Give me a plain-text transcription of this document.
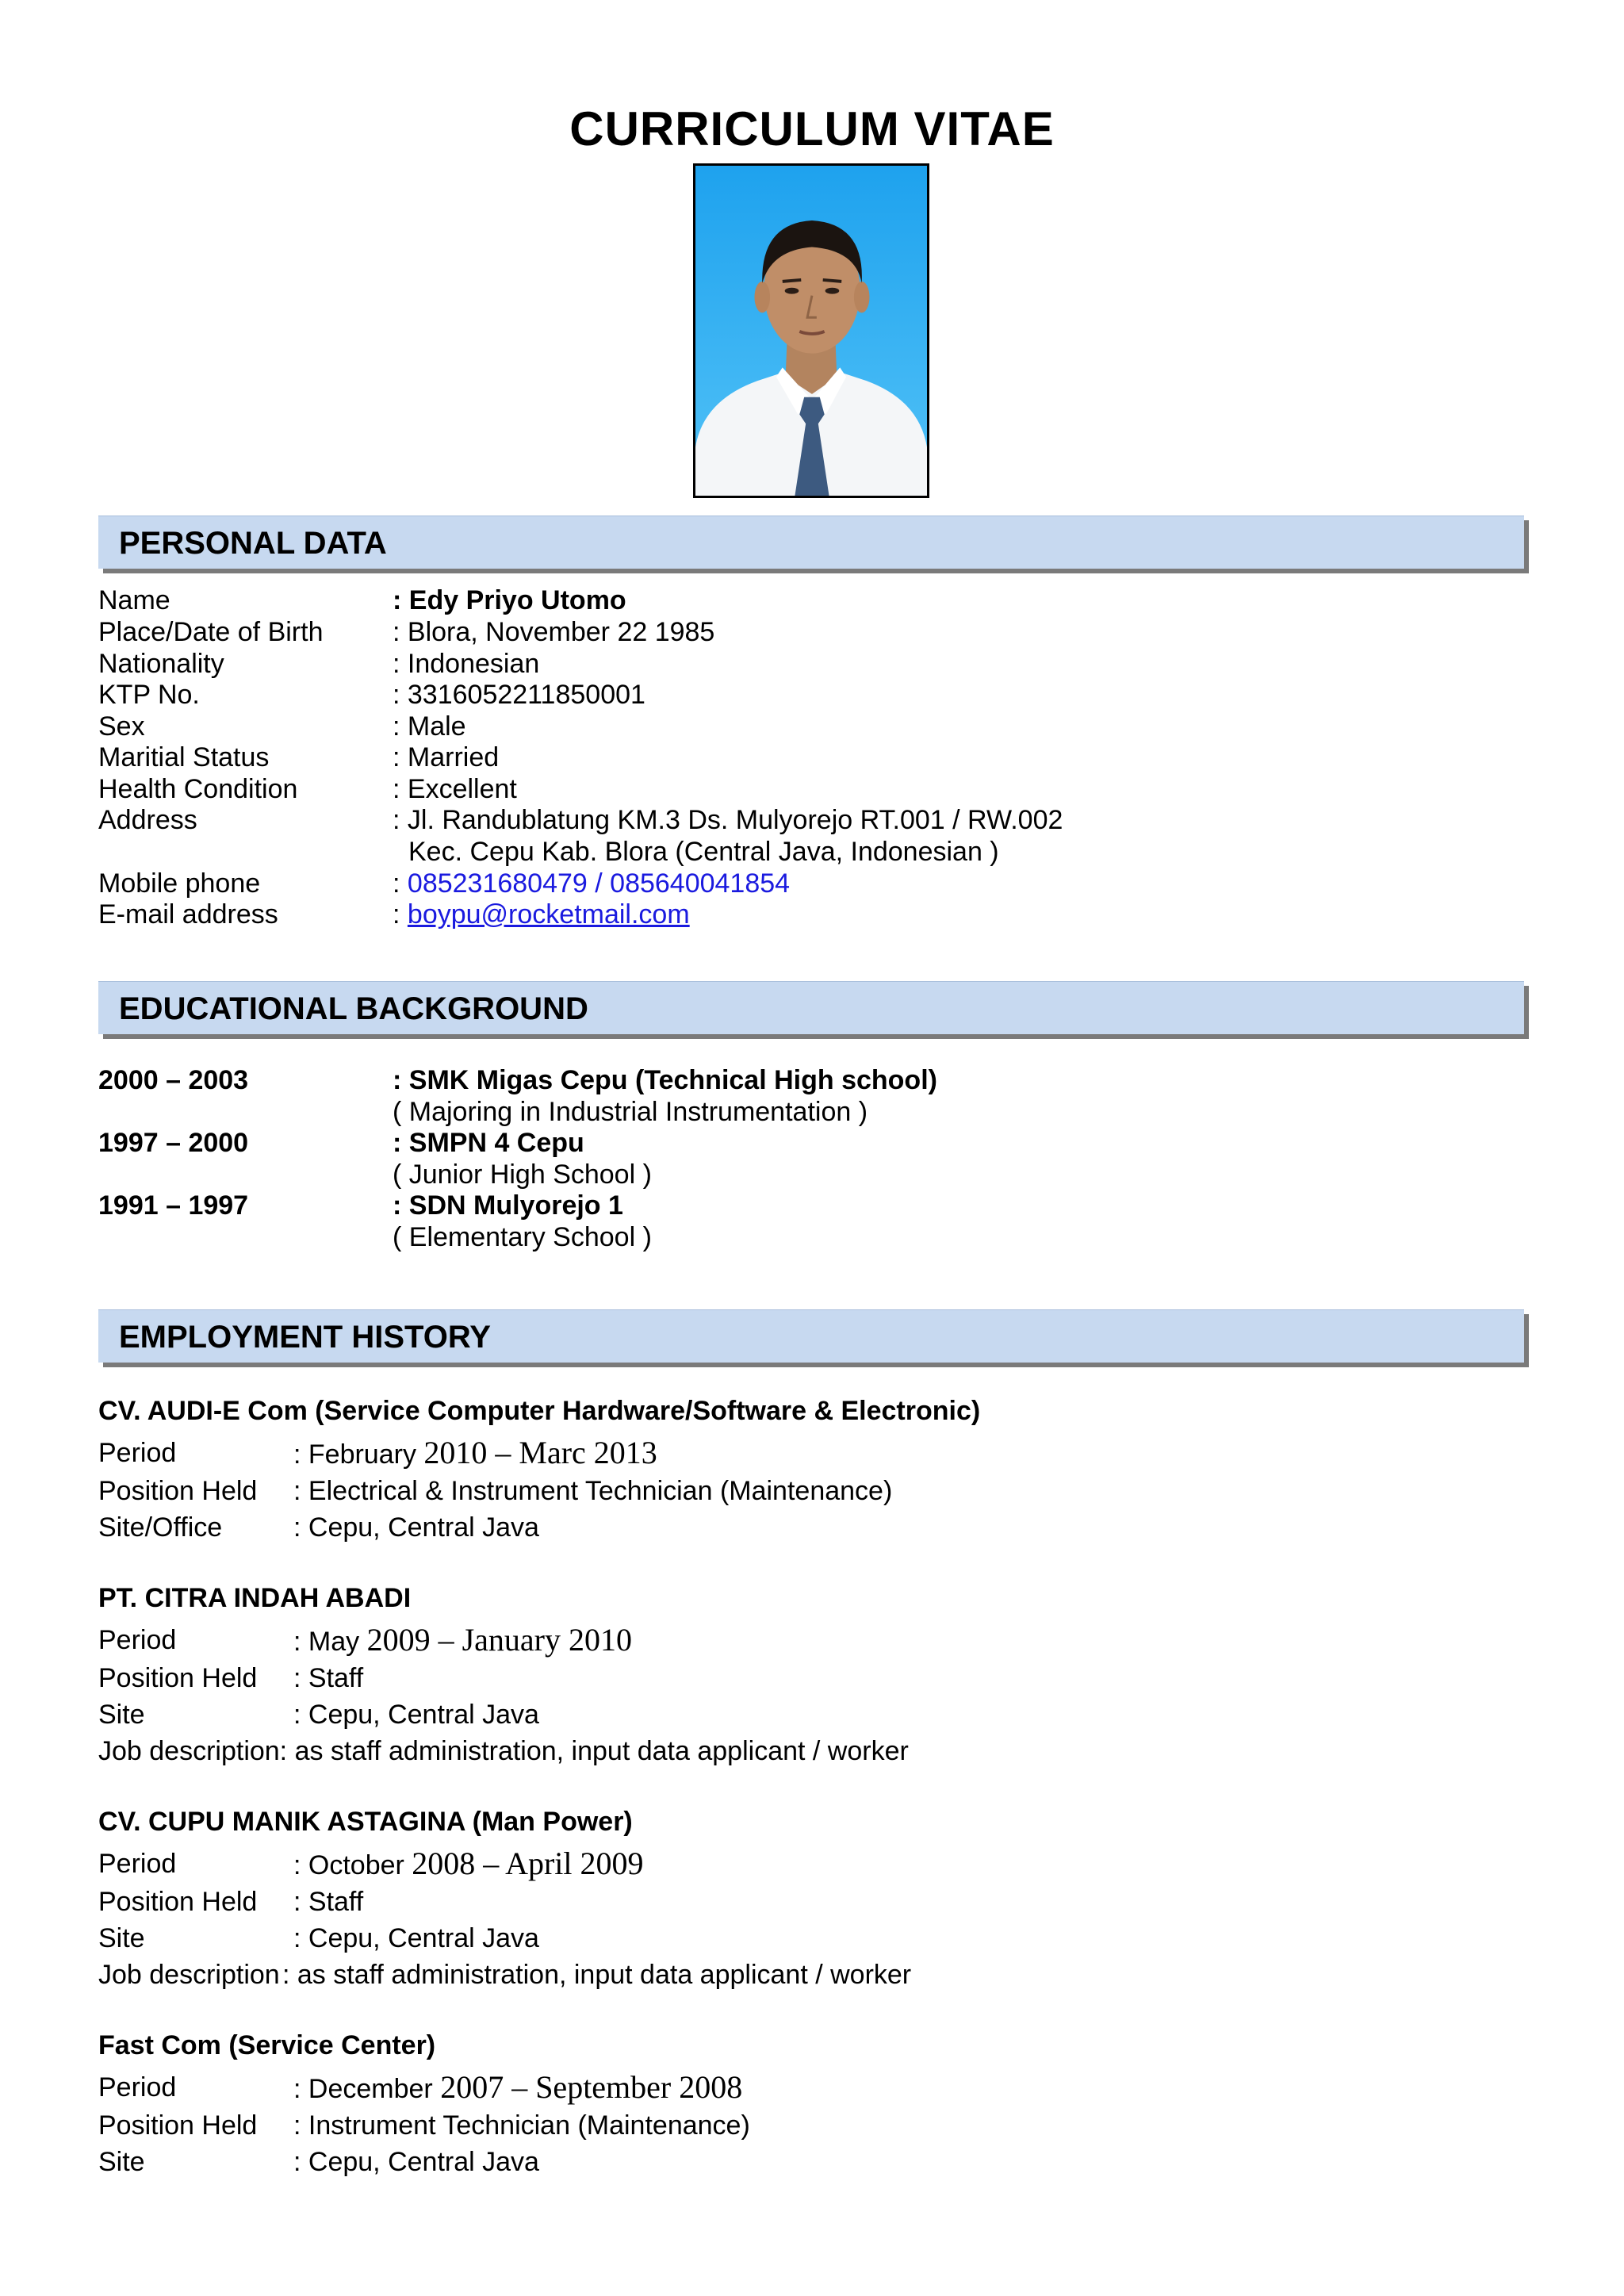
CURRICULUM VITAE
PERSONAL DATA
Name	: Edy Priyo Utomo
Place/Date of Birth	: Blora, November 22 1985
Nationality	: Indonesian
KTP No.	: 3316052211850001
Sex	: Male
Maritial Status	: Married
Health Condition	: Excellent
Address	: Jl. Randublatung KM.3 Ds. Mulyorejo RT.001 / RW.002
Kec. Cepu Kab. Blora (Central Java, Indonesian )
Mobile phone	: 085231680479 / 085640041854
E-mail address	: boypu@rocketmail.com
EDUCATIONAL BACKGROUND
2000 – 2003	: SMK Migas Cepu (Technical High school)
( Majoring in Industrial Instrumentation )
1997 – 2000	: SMPN 4 Cepu
( Junior High School )
1991 – 1997	: SDN Mulyorejo 1
( Elementary School )
EMPLOYMENT HISTORY
CV. AUDI-E Com (Service Computer Hardware/Software & Electronic)
Period	: February 2010 – Marc 2013
Position Held : Electrical & Instrument Technician (Maintenance)
Site/Office	: Cepu, Central Java
PT. CITRA INDAH ABADI
Period	: May 2009 – January 2010
Position Held : Staff
Site	: Cepu, Central Java
Job description: as staff administration, input data applicant / worker
CV. CUPU MANIK ASTAGINA (Man Power)
Period	: October 2008 – April 2009
Position Held : Staff
Site	: Cepu, Central Java
Job description : as staff administration, input data applicant / worker
Fast Com (Service Center)
Period	: December 2007 – September 2008
Position Held : Instrument Technician (Maintenance)
Site	: Cepu, Central Java
